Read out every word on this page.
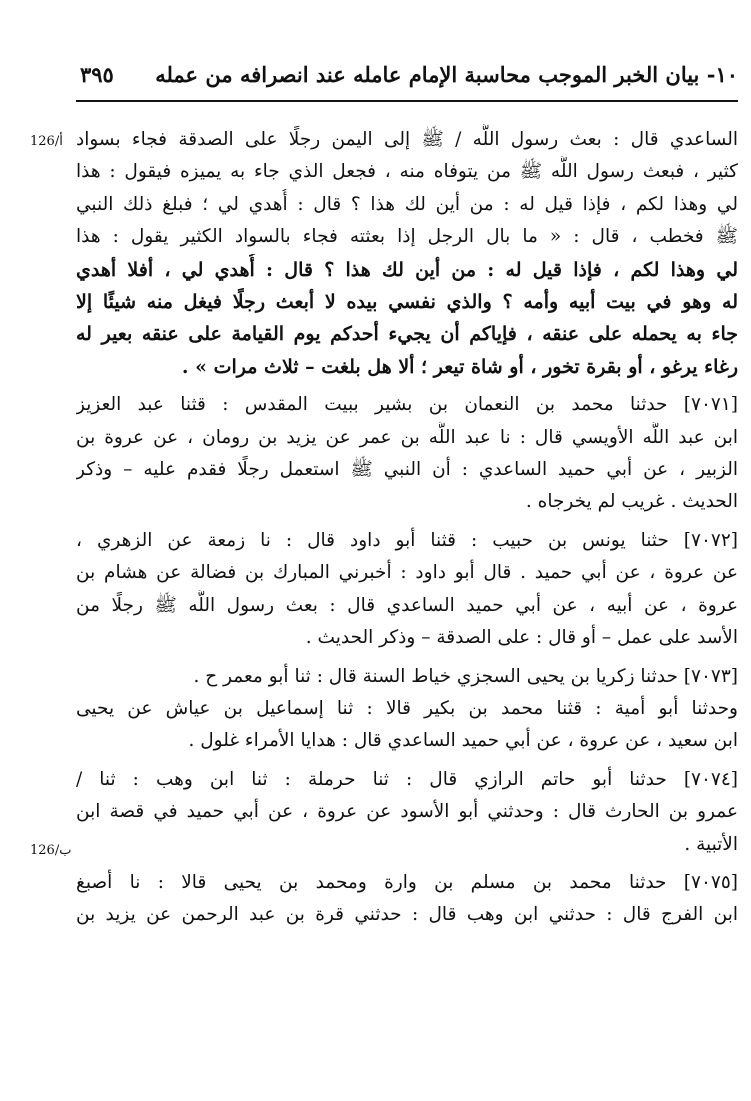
١٠- بيان الخبر الموجب محاسبة الإمام عامله عند انصرافه من عمله
٣٩٥
126/أ
126/ب

الساعدي قال : بعث رسول اللَّه / ﷺ إلى اليمن رجلًا على الصدقة فجاء بسواد
كثير ، فبعث رسول اللَّه ﷺ من يتوفاه منه ، فجعل الذي جاء به يميزه فيقول : هذا
لي وهذا لكم ، فإذا قيل له : من أين لك هذا ؟ قال : أُهدي لي ؛ فبلغ ذلك النبي
ﷺ فخطب ، قال : « ما بال الرجل إذا بعثته فجاء بالسواد الكثير يقول : هذا
لي وهذا لكم ، فإذا قيل له : من أين لك هذا ؟ قال : أُهدي لي ، أفلا أهدي
له وهو في بيت أبيه وأمه ؟ والذي نفسي بيده لا أبعث رجلًا فيغل منه شيئًا إلا
جاء به يحمله على عنقه ، فإياكم أن يجيء أحدكم يوم القيامة على عنقه بعير له
رغاء يرغو ، أو بقرة تخور ، أو شاة تيعر ؛ ألا هل بلغت – ثلاث مرات » .

[٧٠٧١] حدثنا محمد بن النعمان بن بشير ببيت المقدس : قثنا عبد العزيز
ابن عبد اللَّه الأويسي قال : نا عبد اللَّه بن عمر عن يزيد بن رومان ، عن عروة بن
الزبير ، عن أبي حميد الساعدي : أن النبي ﷺ استعمل رجلًا فقدم عليه – وذكر
الحديث . غريب لم يخرجاه .

[٧٠٧٢] حثنا يونس بن حبيب : قثنا أبو داود قال : نا زمعة عن الزهري ،
عن عروة ، عن أبي حميد . قال أبو داود : أخبرني المبارك بن فضالة عن هشام بن
عروة ، عن أبيه ، عن أبي حميد الساعدي قال : بعث رسول اللَّه ﷺ رجلًا من
الأسد على عمل – أو قال : على الصدقة – وذكر الحديث .

[٧٠٧٣] حدثنا زكريا بن يحيى السجزي خياط السنة قال : ثنا أبو معمر ح .
وحدثنا أبو أمية : قثنا محمد بن بكير قالا : ثنا إسماعيل بن عياش عن يحيى
ابن سعيد ، عن عروة ، عن أبي حميد الساعدي قال : هدايا الأمراء غلول .

[٧٠٧٤] حدثنا أبو حاتم الرازي قال : ثنا حرملة : ثنا ابن وهب : ثنا /
عمرو بن الحارث قال : وحدثني أبو الأسود عن عروة ، عن أبي حميد في قصة ابن
الأتبية .

[٧٠٧٥] حدثنا محمد بن مسلم بن وارة ومحمد بن يحيى قالا : نا أصبغ
ابن الفرج قال : حدثني ابن وهب قال : حدثني قرة بن عبد الرحمن عن يزيد بن
